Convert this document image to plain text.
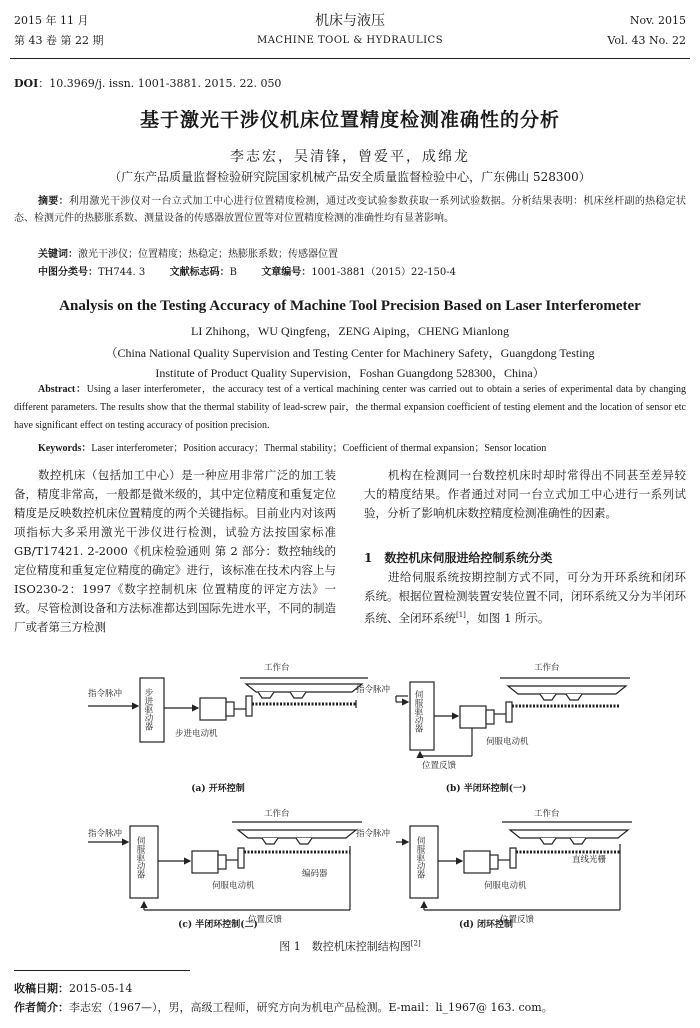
2015 年 11 月
第 43 卷 第 22 期
机床与液压
MACHINE TOOL & HYDRAULICS
Nov. 2015
Vol. 43 No. 22
DOI：10.3969/j. issn. 1001-3881. 2015. 22. 050
基于激光干涉仪机床位置精度检测准确性的分析
李志宏，吴清锋，曾爱平，成绵龙
（广东产品质量监督检验研究院国家机械产品安全质量监督检验中心，广东佛山 528300）
摘要：利用激光干涉仪对一台立式加工中心进行位置精度检测，通过改变试验参数获取一系列试验数据。分析结果表明：机床丝杆副的热稳定状态、检测元件的热膨胀系数、测量设备的传感器放置位置等对位置精度检测的准确性均有显著影响。
关键词：激光干涉仪；位置精度；热稳定；热膨胀系数；传感器位置
中图分类号：TH744. 3 文献标志码：B 文章编号：1001-3881（2015）22-150-4
Analysis on the Testing Accuracy of Machine Tool Precision Based on Laser Interferometer
LI Zhihong，WU Qingfeng，ZENG Aiping，CHENG Mianlong
（China National Quality Supervision and Testing Center for Machinery Safety，Guangdong Testing
Institute of Product Quality Supervision，Foshan Guangdong 528300，China）
Abstract：Using a laser interferometer，the accuracy test of a vertical machining center was carried out to obtain a series of experimental data by changing different parameters. The results show that the thermal stability of lead-screw pair，the thermal expansion coefficient of testing element and the location of sensor etc have significant effect on testing accuracy of position precision.
Keywords：Laser interferometer；Position accuracy；Thermal stability；Coefficient of thermal expansion；Sensor location
数控机床（包括加工中心）是一种应用非常广泛的加工装备，精度非常高，一般都是微米级的，其中定位精度和重复定位精度是反映数控机床位置精度的两个关键指标。目前业内对该两项指标大多采用激光干涉仪进行检测，试验方法按国家标准 GB/T17421. 2-2000《机床检验通则 第 2 部分：数控轴线的定位精度和重复定位精度的确定》进行，该标准在技术内容上与 ISO230-2：1997《数字控制机床 位置精度的评定方法》一致。尽管检测设备和方法标准都达到国际先进水平，不同的制造厂或者第三方检测
机构在检测同一台数控机床时却时常得出不同甚至差异较大的精度结果。作者通过对同一台立式加工中心进行一系列试验，分析了影响机床数控精度检测准确性的因素。
1　数控机床伺服进给控制系统分类
进给伺服系统按期控制方式不同，可分为开环系统和闭环系统。根据位置检测装置安装位置不同，闭环系统又分为半闭环系统、全闭环系统[1]，如图 1 所示。
工作台
指令脉冲
步进电动机
步进驱动器
工作台
指令脉冲	伺服驱动器
伺服电动机
位置反馈
工作台
指令脉冲
伺服驱动器
伺服电动机
编码器
位置反馈
工作台
指令脉冲
伺服驱动器
伺服电动机
直线光栅
位置反馈
(a) 开环控制	(b) 半闭环控制(一)
(c) 半闭环控制(二)	(d) 闭环控制
图 1　数控机床控制结构图[2]
收稿日期：2015-05-14
作者简介：李志宏（1967—），男，高级工程师，研究方向为机电产品检测。E-mail：li_1967@ 163. com。
